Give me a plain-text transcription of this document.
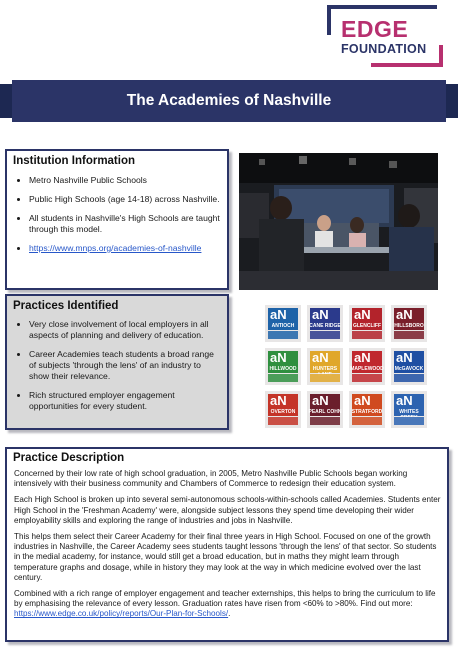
EDGE
FOUNDATION
The Academies of Nashville
Institution Information
• Metro Nashville Public Schools
• Public High Schools (age 14-18) across Nashville.
• All students in Nashville's High Schools are taught through this model.
• https://www.mnps.org/academies-of-nashville
Practices Identified
• Very close involvement of local employers in all aspects of planning and delivery of education.
• Career Academies teach students a broad range of subjects 'through the lens' of an industry to show their relevance.
• Rich structured employer engagement opportunities for every student.
aN
ANTIOCH
aN
CANE RIDGE
aN
GLENCLIFF
aN
HILLSBORO
aN
HILLWOOD
aN
HUNTERS
aN
MAPLEWOOD
aN
McGAVOCK
aN
OVERTON
aN
PEARL COHN
aN
STRATFORD
aN
WHITES
Practice Description

Concerned by their low rate of high school graduation, in 2005, Metro Nashville Public Schools began working intensively with their business community and Chambers of Commerce to redesign their education system.

Each High School is broken up into several semi-autonomous schools-within-schools called Academies. Students enter High School in the 'Freshman Academy' were, alongside subject lessons they spend time developing their wider employability skills and exploring the range of industries and jobs in Nashville.

This helps them select their Career Academy for their final three years in High School. Focused on one of the growth industries in Nashville, the Career Academy sees students taught lessons 'through the lens' of that sector. So students in the medial academy, for instance, would still get a broad education, but in maths they might learn through temperature graphs and dosage, while in history they may look at the way in which medicine evolved over the last century.

Combined with a rich range of employer engagement and teacher externships, this helps to bring the curriculum to life by emphasising the relevance of every lesson. Graduation rates have risen from <60% to >80%. Find out more: https://www.edge.co.uk/policy/reports/Our-Plan-for-Schools/.
